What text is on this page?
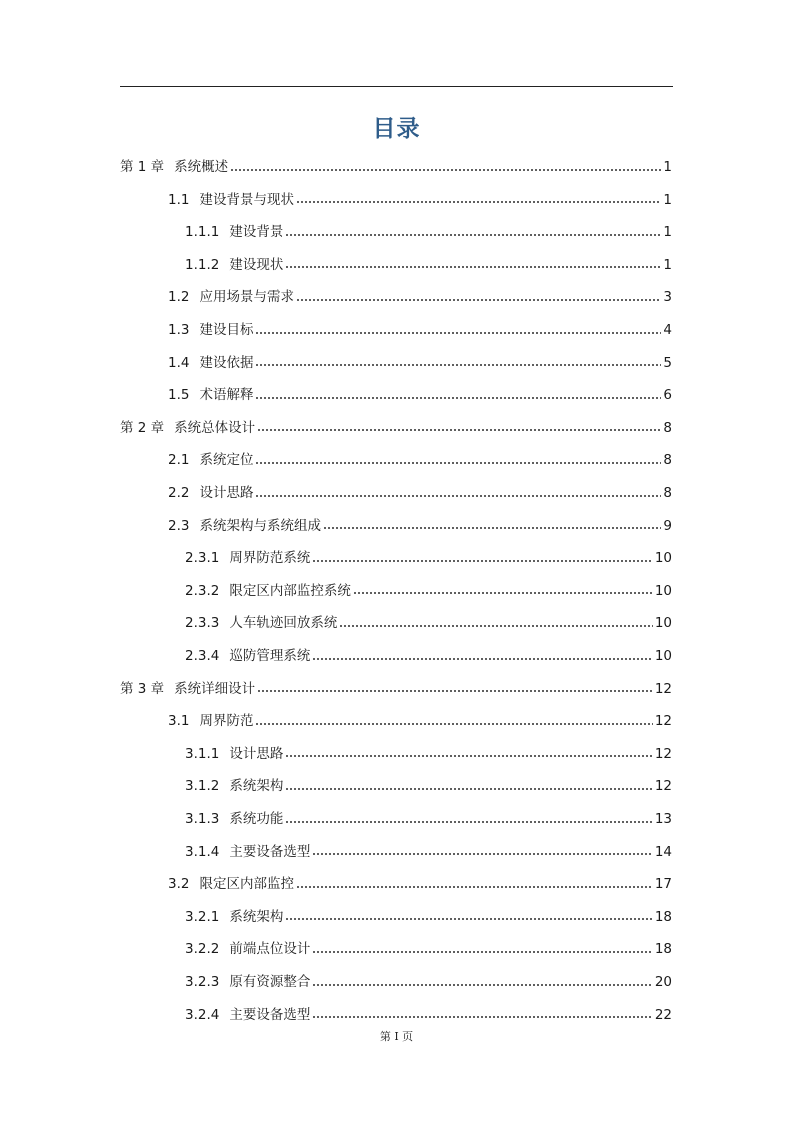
目录
第 1 章 系统概述	1
1.1 建设背景与现状	1
1.1.1 建设背景	1
1.1.2 建设现状	1
1.2 应用场景与需求	3
1.3 建设目标	4
1.4 建设依据	5
1.5 术语解释	6
第 2 章 系统总体设计	8
2.1 系统定位	8
2.2 设计思路	8
2.3 系统架构与系统组成	9
2.3.1 周界防范系统	10
2.3.2 限定区内部监控系统	10
2.3.3 人车轨迹回放系统	10
2.3.4 巡防管理系统	10
第 3 章 系统详细设计	12
3.1 周界防范	12
3.1.1 设计思路	12
3.1.2 系统架构	12
3.1.3 系统功能	13
3.1.4 主要设备选型	14
3.2 限定区内部监控	17
3.2.1 系统架构	18
3.2.2 前端点位设计	18
3.2.3 原有资源整合	20
3.2.4 主要设备选型	22
第 I 页
